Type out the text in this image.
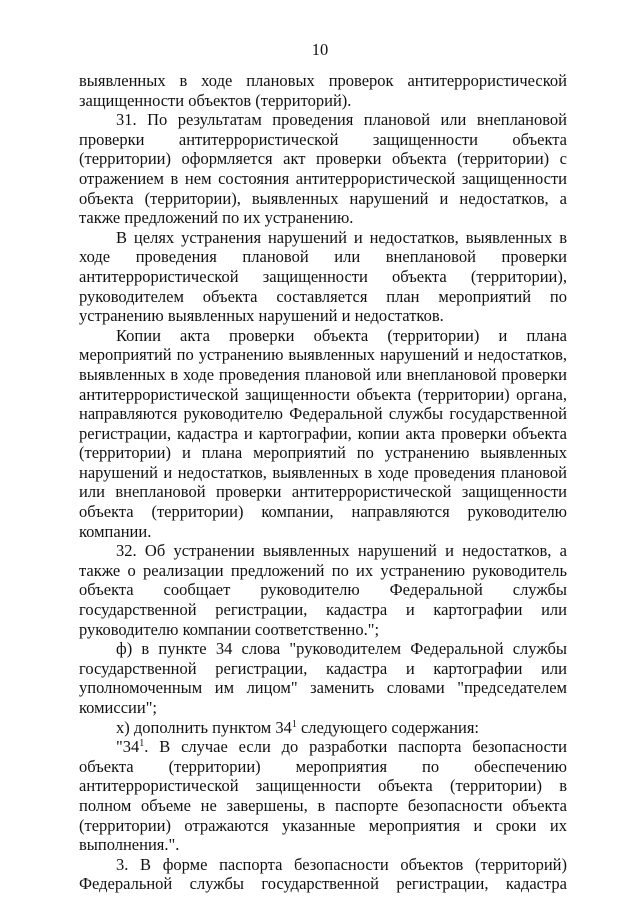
10

выявленных в ходе плановых проверок антитеррористической защищенности объектов (территорий).

31. По результатам проведения плановой или внеплановой проверки антитеррористической защищенности объекта (территории) оформляется акт проверки объекта (территории) с отражением в нем состояния антитеррористической защищенности объекта (территории), выявленных нарушений и недостатков, а также предложений по их устранению.

В целях устранения нарушений и недостатков, выявленных в ходе проведения плановой или внеплановой проверки антитеррористической защищенности объекта (территории), руководителем объекта составляется план мероприятий по устранению выявленных нарушений и недостатков.

Копии акта проверки объекта (территории) и плана мероприятий по устранению выявленных нарушений и недостатков, выявленных в ходе проведения плановой или внеплановой проверки антитеррористической защищенности объекта (территории) органа, направляются руководителю Федеральной службы государственной регистрации, кадастра и картографии, копии акта проверки объекта (территории) и плана мероприятий по устранению выявленных нарушений и недостатков, выявленных в ходе проведения плановой или внеплановой проверки антитеррористической защищенности объекта (территории) компании, направляются руководителю компании.

32. Об устранении выявленных нарушений и недостатков, а также о реализации предложений по их устранению руководитель объекта сообщает руководителю Федеральной службы государственной регистрации, кадастра и картографии или руководителю компании соответственно.";

ф) в пункте 34 слова "руководителем Федеральной службы государственной регистрации, кадастра и картографии или уполномоченным им лицом" заменить словами "председателем комиссии";

х) дополнить пунктом $34^1$ следующего содержания:

"$34^1$. В случае если до разработки паспорта безопасности объекта (территории) мероприятия по обеспечению антитеррористической защищенности объекта (территории) в полном объеме не завершены, в паспорте безопасности объекта (территории) отражаются указанные мероприятия и сроки их выполнения.".

3. В форме паспорта безопасности объектов (территорий) Федеральной службы государственной регистрации, кадастра
